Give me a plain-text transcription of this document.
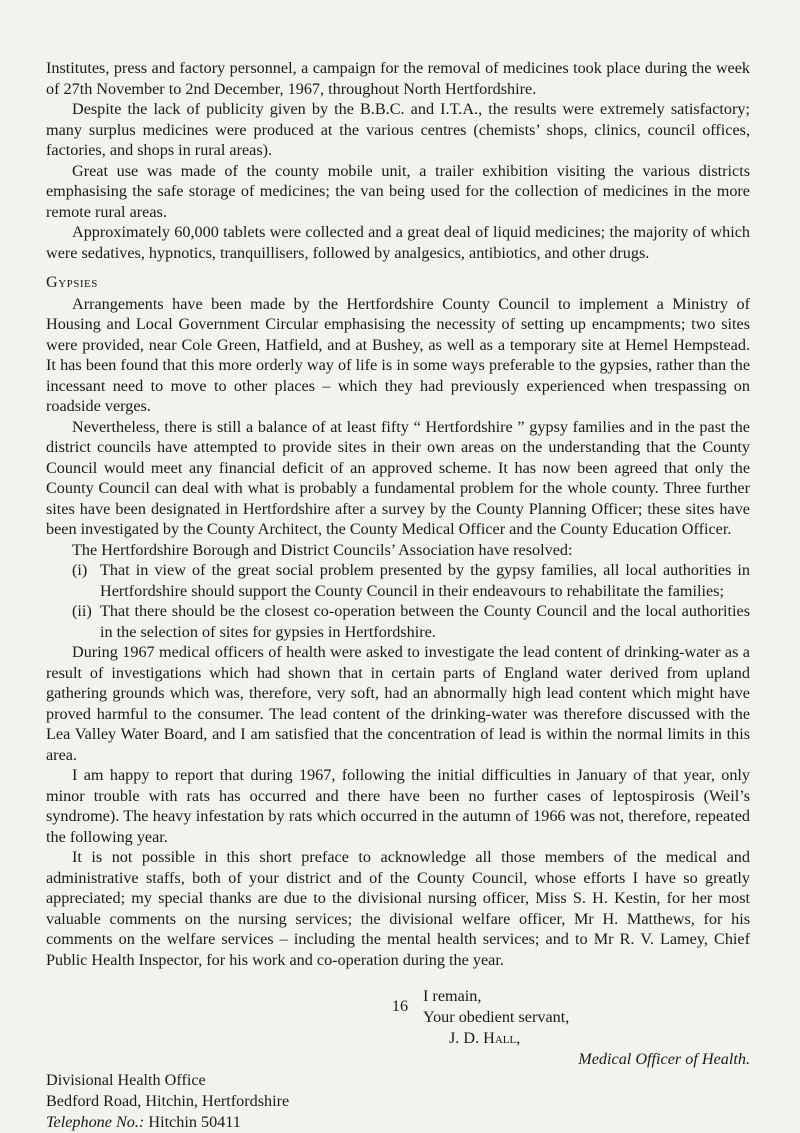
Institutes, press and factory personnel, a campaign for the removal of medicines took place during the week of 27th November to 2nd December, 1967, throughout North Hertfordshire.

Despite the lack of publicity given by the B.B.C. and I.T.A., the results were extremely satisfactory; many surplus medicines were produced at the various centres (chemists’ shops, clinics, council offices, factories, and shops in rural areas).

Great use was made of the county mobile unit, a trailer exhibition visiting the various districts emphasising the safe storage of medicines; the van being used for the collection of medicines in the more remote rural areas.

Approximately 60,000 tablets were collected and a great deal of liquid medicines; the majority of which were sedatives, hypnotics, tranquillisers, followed by analgesics, antibiotics, and other drugs.

Gypsies

Arrangements have been made by the Hertfordshire County Council to implement a Ministry of Housing and Local Government Circular emphasising the necessity of setting up encampments; two sites were provided, near Cole Green, Hatfield, and at Bushey, as well as a temporary site at Hemel Hempstead. It has been found that this more orderly way of life is in some ways preferable to the gypsies, rather than the incessant need to move to other places – which they had previously experienced when trespassing on roadside verges.

Nevertheless, there is still a balance of at least fifty “ Hertfordshire ” gypsy families and in the past the district councils have attempted to provide sites in their own areas on the understanding that the County Council would meet any financial deficit of an approved scheme. It has now been agreed that only the County Council can deal with what is probably a fundamental problem for the whole county. Three further sites have been designated in Hertfordshire after a survey by the County Planning Officer; these sites have been investigated by the County Architect, the County Medical Officer and the County Education Officer.

The Hertfordshire Borough and District Councils’ Association have resolved:

(i) That in view of the great social problem presented by the gypsy families, all local authorities in Hertfordshire should support the County Council in their endeavours to rehabilitate the families;
(ii) That there should be the closest co-operation between the County Council and the local authorities in the selection of sites for gypsies in Hertfordshire.

During 1967 medical officers of health were asked to investigate the lead content of drinking-water as a result of investigations which had shown that in certain parts of England water derived from upland gathering grounds which was, therefore, very soft, had an abnormally high lead content which might have proved harmful to the consumer. The lead content of the drinking-water was therefore discussed with the Lea Valley Water Board, and I am satisfied that the concentration of lead is within the normal limits in this area.

I am happy to report that during 1967, following the initial difficulties in January of that year, only minor trouble with rats has occurred and there have been no further cases of leptospirosis (Weil’s syndrome). The heavy infestation by rats which occurred in the autumn of 1966 was not, therefore, repeated the following year.

It is not possible in this short preface to acknowledge all those members of the medical and administrative staffs, both of your district and of the County Council, whose efforts I have so greatly appreciated; my special thanks are due to the divisional nursing officer, Miss S. H. Kestin, for her most valuable comments on the nursing services; the divisional welfare officer, Mr H. Matthews, for his comments on the welfare services – including the mental health services; and to Mr R. V. Lamey, Chief Public Health Inspector, for his work and co-operation during the year.

I remain,
Your obedient servant,
J. D. Hall,
Medical Officer of Health.
Divisional Health Office
Bedford Road, Hitchin, Hertfordshire
Telephone No.: Hitchin 50411
16
